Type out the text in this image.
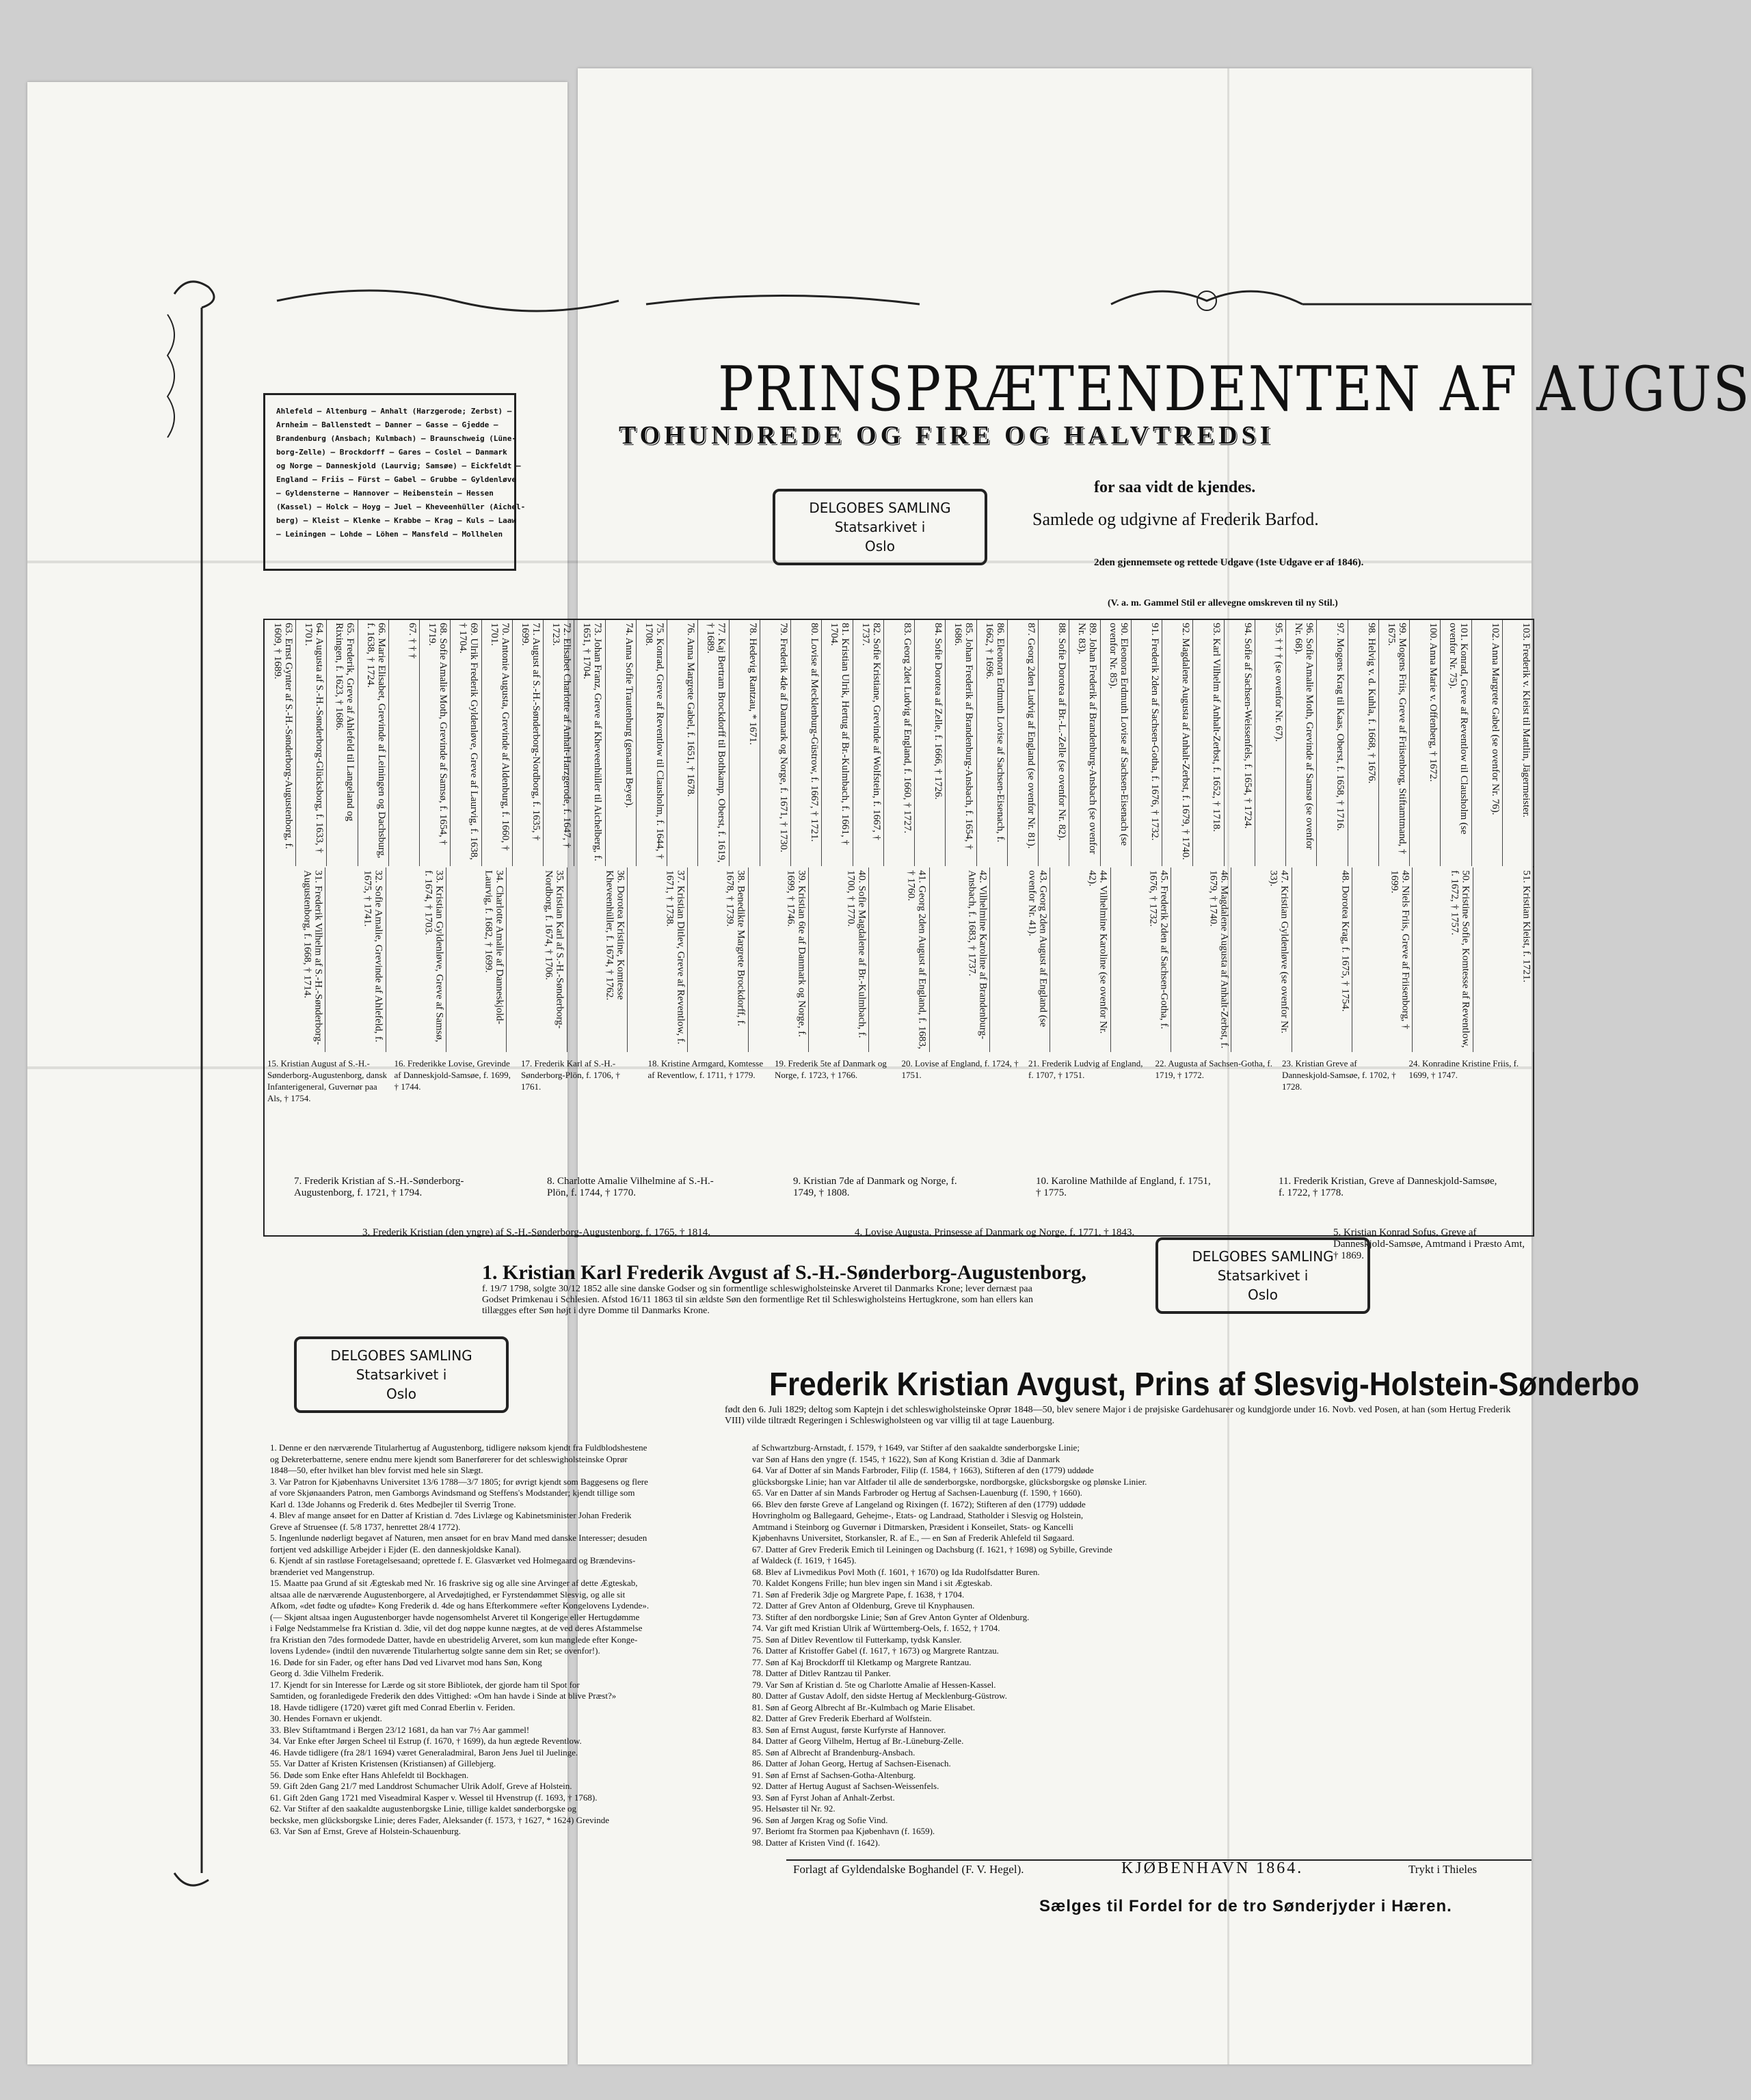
PRINSPRÆTENDENTEN AF AUGUS
TOHUNDREDE OG FIRE OG HALVTREDSI
for saa vidt de kjendes.
Samlede og udgivne af Frederik Barfod.
2den gjennemsete og rettede Udgave (1ste Udgave er af 1846).
(V. a. m. Gammel Stil er allevegne omskreven til ny Stil.)
DELGOBES SAMLING
Statsarkivet i
Oslo
Ahlefeld — Altenburg — Anhalt (Harzgerode; Zerbst) —
Arnheim — Ballenstedt — Danner — Gasse — Gjedde —
Brandenburg (Ansbach; Kulmbach) — Braunschweig (Lüne-
borg-Zelle) — Brockdorff — Gares — Coslel — Danmark
og Norge — Danneskjold (Laurvig; Samsøe) — Eickfeldt —
England — Friis — Fürst — Gabel — Grubbe — Gyldenløve
— Gyldensterne — Hannover — Heibenstein — Hessen
(Kassel) — Holck — Hoyg — Juel — Kheveenhüller (Aichel-
berg) — Kleist — Klenke — Krabbe — Krag — Kuls — Laaw
— Leiningen — Lohde — Löhen — Mansfeld — Mollhelen
63. Ernst Gynter af S.-H.-Sønderborg-Augustenborg, f. 1609, † 1689.	64. Augusta af S.-H.-Sønderborg-Glücksborg, f. 1633, † 1701.	65. Frederik, Greve af Ahlefeld til Langeland og Rixingen, f. 1623, † 1686.	66. Marie Elisabet, Grevinde af Leiningen og Dachsburg, f. 1638, † 1724.	67. † † †	68. Sofie Amalie Moth, Grevinde af Samsø, f. 1654, † 1719.	69. Ulrik Frederik Gyldenløve, Greve af Laurvig, f. 1638, † 1704.	70. Antonie Augusta, Grevinde af Aldenburg, f. 1660, † 1701.	71. August af S.-H.-Sønderborg-Nordborg, f. 1635, † 1699.	72. Elisabet Charlotte af Anhalt-Harzgerode, f. 1647, † 1723.	73. Johan Franz, Greve af Kheveenhüller til Aichelberg, f. 1651, † 1704.	74. Anna Sofie Trautenburg (genannt Beyer).	75. Konrad, Greve af Reventlow til Clausholm, f. 1644, † 1708.	76. Anna Margrete Gabel, f. 1651, † 1678.	77. Kaj Bertram Brockdorff til Bothkamp, Oberst, f. 1619, † 1689.	78. Hedevig Rantzau, * 1671.	79. Frederik 4de af Danmark og Norge, f. 1671, † 1730.	80. Lovise af Mecklenburg-Güstrow, f. 1667, † 1721.	81. Kristian Ulrik, Hertug af Br.-Kulmbach, f. 1661, † 1704.	82. Sofie Kristiane, Grevinde af Wolfstein, f. 1667, † 1737.	83. Georg 2det Ludvig af England, f. 1660, † 1727.	84. Sofie Dorotea af Zelle, f. 1666, † 1726.	85. Johan Frederik af Brandenburg-Ansbach, f. 1654, † 1686.	86. Eleonora Erdmuth Lovise af Sachsen-Eisenach, f. 1662, † 1696.	87. Georg 2den Ludvig af England (se ovenfor Nr. 81).	88. Sofie Dorotea af Br.-L.-Zelle (se ovenfor Nr. 82).	89. Johan Frederik af Brandenburg-Ansbach (se ovenfor Nr. 83).	90. Eleonora Erdmuth Lovise af Sachsen-Eisenach (se ovenfor Nr. 85).	91. Frederik 2den af Sachsen-Gotha, f. 1676, † 1732.	92. Magdalene Augusta af Anhalt-Zerbst, f. 1679, † 1740.	93. Karl Vilhelm af Anhalt-Zerbst, f. 1652, † 1718.	94. Sofie af Sachsen-Weissenfels, f. 1654, † 1724.	95. † † † (se ovenfor Nr. 67).	96. Sofie Amalie Moth, Grevinde af Samsø (se ovenfor Nr. 68).	97. Mogens Krag til Kaas, Oberst, f. 1658, † 1716.	98. Helvig v. d. Kuhla, f. 1668, † 1676.	99. Mogens Friis, Greve af Friisenborg, Stiftamtmand, † 1675.	100. Anna Marie v. Offenberg, † 1672.	101. Konrad, Greve af Reventlow til Clausholm (se ovenfor Nr. 75).	102. Anna Margrete Gabel (se ovenfor Nr. 76).	103. Frederik v. Kleist til Mattlin, Jägermeister.
31. Frederik Vilhelm af S.-H.-Sønderborg-Augustenborg, f. 1668, † 1714.	32. Sofie Amalie, Grevinde af Ahlefeld, f. 1675, † 1741.	33. Kristian Gyldenløve, Greve af Samsø, f. 1674, † 1703.	34. Charlotte Amalie af Danneskjold-Laurvig, f. 1682, † 1699.	35. Kristian Karl af S.-H.-Sønderborg-Nordborg, f. 1674, † 1706.	36. Dorotea Kristine, Komtesse Kheveenhüller, f. 1674, † 1762.	37. Kristian Ditlev, Greve af Reventlow, f. 1671, † 1738.	38. Benedikte Margrete Brockdorff, f. 1678, † 1739.	39. Kristian 6te af Danmark og Norge, f. 1699, † 1746.	40. Sofie Magdalene af Br.-Kulmbach, f. 1700, † 1770.	41. Georg 2den August af England, f. 1683, † 1760.	42. Vilhelmine Karoline af Brandenburg-Ansbach, f. 1683, † 1737.	43. Georg 2den August af England (se ovenfor Nr. 41).	44. Vilhelmine Karoline (se ovenfor Nr. 42).	45. Frederik 2den af Sachsen-Gotha, f. 1676, † 1732.	46. Magdalene Augusta af Anhalt-Zerbst, f. 1679, † 1740.	47. Kristian Gyldenløve (se ovenfor Nr. 33).	48. Dorotea Krag, f. 1675, † 1754.	49. Niels Friis, Greve af Friisenborg, † 1699.	50. Kristine Sofie, Komtesse af Reventlow, f. 1672, † 1757.	51. Kristian Kleist, f. 1721.
15. Kristian August af S.-H.-Sønderborg-Augustenborg, dansk Infanterigeneral, Guvernør paa Als, † 1754.
16. Frederikke Lovise, Grevinde af Danneskjold-Samsøe, f. 1699, † 1744.
17. Frederik Karl af S.-H.-Sønderborg-Plön, f. 1706, † 1761.
18. Kristine Armgard, Komtesse af Reventlow, f. 1711, † 1779.
19. Frederik 5te af Danmark og Norge, f. 1723, † 1766.
20. Lovise af England, f. 1724, † 1751.
21. Frederik Ludvig af England, f. 1707, † 1751.
22. Augusta af Sachsen-Gotha, f. 1719, † 1772.
23. Kristian Greve af Danneskjold-Samsøe, f. 1702, † 1728.
24. Konradine Kristine Friis, f. 1699, † 1747.
7. Frederik Kristian af S.-H.-Sønderborg-Augustenborg, f. 1721, † 1794.
8. Charlotte Amalie Vilhelmine af S.-H.-Plön, f. 1744, † 1770.
9. Kristian 7de af Danmark og Norge, f. 1749, † 1808.
10. Karoline Mathilde af England, f. 1751, † 1775.
11. Frederik Kristian, Greve af Danneskjold-Samsøe, f. 1722, † 1778.
3. Frederik Kristian (den yngre) af S.-H.-Sønderborg-Augustenborg, f. 1765, † 1814.	4. Lovise Augusta, Prinsesse af Danmark og Norge, f. 1771, † 1843.	5. Kristian Konrad Sofus, Greve af Danneskjold-Samsøe, Amtmand i Præsto Amt, † 1869.
1. Kristian Karl Frederik Avgust af S.-H.-Sønderborg-Augustenborg,
f. 19/7 1798, solgte 30/12 1852 alle sine danske Godser og sin formentlige schleswigholsteinske Arveret til Danmarks Krone; lever dernæst paa Godset Primkenau i Schlesien. Afstod 16/11 1863 til sin ældste Søn den formentlige Ret til Schleswigholsteins Hertugkrone, som han ellers kan tillægges efter Søn højt i dyre Domme til Danmarks Krone.
DELGOBES SAMLING
Statsarkivet i
Oslo
DELGOBES SAMLING
Statsarkivet i
Oslo	Frederik Kristian Avgust, Prins af Slesvig-Holstein-Sønderbo
født den 6. Juli 1829; deltog som Kaptejn i det schleswigholsteinske Oprør 1848—50, blev senere Major i de prøjsiske Gardehusarer og kundgjorde under 16. Novb. ved Posen, at han (som Hertug Frederik VIII) vilde tiltrædt Regeringen i Schleswigholsteen og var villig til at tage Lauenburg.

1. Denne er den nærværende Titularhertug af Augustenborg, tidligere nøksom kjendt fra Fuldblodshestene

og Dekreterbatterne, senere endnu mere kjendt som Banerførerer for det schleswigholsteinske Oprør

1848—50, efter hvilket han blev forvist med hele sin Slægt.

3. Var Patron for Kjøbenhavns Universitet 13/6 1788—3/7 1805; for øvrigt kjendt som Baggesens og flere

af vore Skjønaanders Patron, men Gamborgs Avindsmand og Steffens's Modstander; kjendt tillige som

Karl d. 13de Johanns og Frederik d. 6tes Medbejler til Sverrig Trone.

4. Blev af mange ansøet for en Datter af Kristian d. 7des Livlæge og Kabinetsminister Johan Frederik

Greve af Struensee (f. 5/8 1737, henrettet 28/4 1772).

5. Ingenlunde nøderligt begavet af Naturen, men ansøet for en brav Mand med danske Interesser; desuden

fortjent ved adskillige Arbejder i Ejder (E. den danneskjoldske Kanal).

6. Kjendt af sin rastløse Foretagelsesaand; oprettede f. E. Glasværket ved Holmegaard og Brændevins-

brænderiet ved Mangenstrup.

15. Maatte paa Grund af sit Ægteskab med Nr. 16 fraskrive sig og alle sine Arvinger af dette Ægteskab,

altsaa alle de nærværende Augustenborgere, al Arvedøjtighed, er Fyrstendømmet Slesvig, og alle sit

Afkom, «det fødte og ufødte» Kong Frederik d. 4de og hans Efterkommere «efter Kongelovens Lydende».

(— Skjønt altsaa ingen Augustenborger havde nogensomhelst Arveret til Kongerige eller Hertugdømme

i Følge Nedstammelse fra Kristian d. 3die, vil det dog nøppe kunne nægtes, at de ved deres Afstammelse

fra Kristian den 7des formodede Datter, havde en ubestridelig Arveret, som kun manglede efter Konge-

lovens Lydende» (indtil den nuværende Titularhertug solgte sanne dem sin Ret; se ovenfor!).

16. Døde for sin Fader, og efter hans Død ved Livarvet mod hans Søn, Kong

Georg d. 3die Vilhelm Frederik.

17. Kjendt for sin Interesse for Lærde og sit store Bibliotek, der gjorde ham til Spot for

Samtiden, og foranledigede Frederik den ddes Vittighed: «Om han havde i Sinde at blive Præst?»

18. Havde tidligere (1720) været gift med Conrad Eberlin v. Feriden.

30. Hendes Fornavn er ukjendt.

33. Blev Stiftamtmand i Bergen 23/12 1681, da han var 7½ Aar gammel!

34. Var Enke efter Jørgen Scheel til Estrup (f. 1670, † 1699), da hun ægtede Reventlow.

46. Havde tidligere (fra 28/1 1694) været Generaladmiral, Baron Jens Juel til Juelinge.

55. Var Datter af Kristen Kristensen (Kristiansen) af Gillebjerg.

56. Døde som Enke efter Hans Ahlefeldt til Bockhagen.

59. Gift 2den Gang 21/7 med Landdrost Schumacher Ulrik Adolf, Greve af Holstein.

61. Gift 2den Gang 1721 med Viseadmiral Kasper v. Wessel til Hvenstrup (f. 1693, † 1768).

62. Var Stifter af den saakaldte augustenborgske Linie, tillige kaldet sønderborgske og

beckske, men glücksborgske Linie; deres Fader, Aleksander (f. 1573, † 1627, * 1624) Grevinde

63. Var Søn af Ernst, Greve af Holstein-Schauenburg.

af Schwartzburg-Arnstadt, f. 1579, † 1649, var Stifter af den saakaldte sønderborgske Linie;

var Søn af Hans den yngre (f. 1545, † 1622), Søn af Kong Kristian d. 3die af Danmark

64. Var af Dotter af sin Mands Farbroder, Filip (f. 1584, † 1663), Stifteren af den (1779) uddøde

glücksborgske Linie; han var Altfader til alle de sønderborgske, nordborgske, glücksborgske og plønske Linier.

65. Var en Datter af sin Mands Farbroder og Hertug af Sachsen-Lauenburg (f. 1590, † 1660).

66. Blev den første Greve af Langeland og Rixingen (f. 1672); Stifteren af den (1779) uddøde

Hovringholm og Ballegaard, Gehejme-, Etats- og Landraad, Statholder i Slesvig og Holstein,

Amtmand i Steinborg og Guvernør i Ditmarsken, Præsident i Konseilet, Stats- og Kancelli

Kjøbenhavns Universitet, Storkansler, R. af E., — en Søn af Frederik Ahlefeld til Søgaard.

67. Datter af Grev Frederik Emich til Leiningen og Dachsburg (f. 1621, † 1698) og Sybille, Grevinde

af Waldeck (f. 1619, † 1645).

68. Blev af Livmedikus Povl Moth (f. 1601, † 1670) og Ida Rudolfsdatter Buren.

70. Kaldet Kongens Frille; hun blev ingen sin Mand i sit Ægteskab.

71. Søn af Frederik 3dje og Margrete Pape, f. 1638, † 1704.

72. Datter af Grev Anton af Oldenburg, Greve til Knyphausen.

73. Stifter af den nordborgske Linie; Søn af Grev Anton Gynter af Oldenburg.

74. Var gift med Kristian Ulrik af Württemberg-Oels, f. 1652, † 1704.

75. Søn af Ditlev Reventlow til Futterkamp, tydsk Kansler.

76. Datter af Kristoffer Gabel (f. 1617, † 1673) og Margrete Rantzau.

77. Søn af Kaj Brockdorff til Kletkamp og Margrete Rantzau.

78. Datter af Ditlev Rantzau til Panker.

79. Var Søn af Kristian d. 5te og Charlotte Amalie af Hessen-Kassel.

80. Datter af Gustav Adolf, den sidste Hertug af Mecklenburg-Güstrow.

81. Søn af Georg Albrecht af Br.-Kulmbach og Marie Elisabet.

82. Datter af Grev Frederik Eberhard af Wolfstein.

83. Søn af Ernst August, første Kurfyrste af Hannover.

84. Datter af Georg Vilhelm, Hertug af Br.-Lüneburg-Zelle.

85. Søn af Albrecht af Brandenburg-Ansbach.

86. Datter af Johan Georg, Hertug af Sachsen-Eisenach.

91. Søn af Ernst af Sachsen-Gotha-Altenburg.

92. Datter af Hertug August af Sachsen-Weissenfels.

93. Søn af Fyrst Johan af Anhalt-Zerbst.

95. Helsøster til Nr. 92.

96. Søn af Jørgen Krag og Sofie Vind.

97. Beriomt fra Stormen paa Kjøbenhavn (f. 1659).

98. Datter af Kristen Vind (f. 1642).

Forlagt af Gyldendalske Boghandel (F. V. Hegel).	KJØBENHAVN 1864.	Trykt i Thieles
Sælges til Fordel for de tro Sønderjyder i Hæren.
